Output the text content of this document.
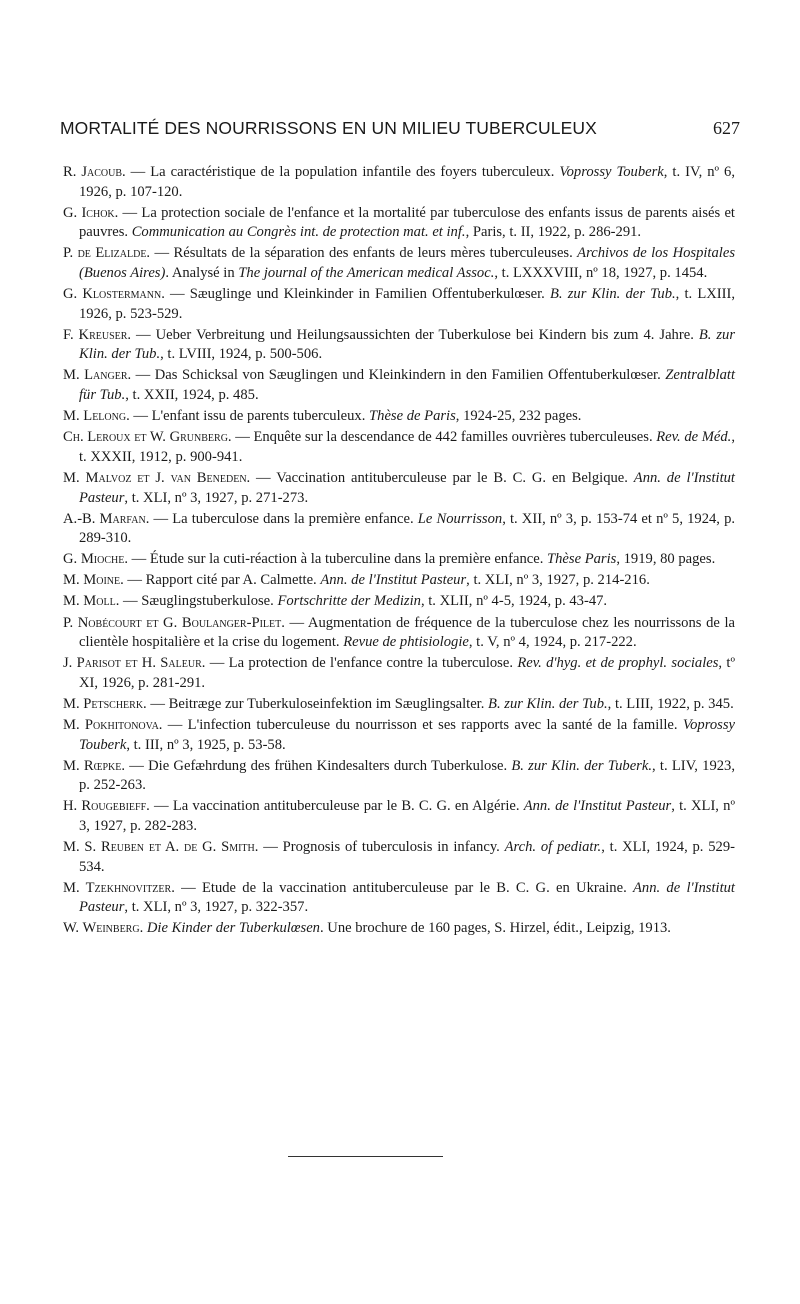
MORTALITÉ DES NOURRISSONS EN UN MILIEU TUBERCULEUX	627

R. Jacoub. — La caractéristique de la population infantile des foyers tuberculeux. Voprossy Touberk, t. IV, nº 6, 1926, p. 107-120.

G. Ichok. — La protection sociale de l'enfance et la mortalité par tuberculose des enfants issus de parents aisés et pauvres. Communication au Congrès int. de protection mat. et inf., Paris, t. II, 1922, p. 286-291.

P. de Elizalde. — Résultats de la séparation des enfants de leurs mères tuberculeuses. Archivos de los Hospitales (Buenos Aires). Analysé in The journal of the American medical Assoc., t. LXXXVIII, nº 18, 1927, p. 1454.

G. Klostermann. — Sæuglinge und Kleinkinder in Familien Offentuberkulœser. B. zur Klin. der Tub., t. LXIII, 1926, p. 523-529.

F. Kreuser. — Ueber Verbreitung und Heilungsaussichten der Tuberkulose bei Kindern bis zum 4. Jahre. B. zur Klin. der Tub., t. LVIII, 1924, p. 500-506.

M. Langer. — Das Schicksal von Sæuglingen und Kleinkindern in den Familien Offentuberkulœser. Zentralblatt für Tub., t. XXII, 1924, p. 485.

M. Lelong. — L'enfant issu de parents tuberculeux. Thèse de Paris, 1924-25, 232 pages.

Ch. Leroux et W. Grunberg. — Enquête sur la descendance de 442 familles ouvrières tuberculeuses. Rev. de Méd., t. XXXII, 1912, p. 900-941.

M. Malvoz et J. van Beneden. — Vaccination antituberculeuse par le B. C. G. en Belgique. Ann. de l'Institut Pasteur, t. XLI, nº 3, 1927, p. 271-273.

A.-B. Marfan. — La tuberculose dans la première enfance. Le Nourrisson, t. XII, nº 3, p. 153-74 et nº 5, 1924, p. 289-310.

G. Mioche. — Étude sur la cuti-réaction à la tuberculine dans la première enfance. Thèse Paris, 1919, 80 pages.

M. Moine. — Rapport cité par A. Calmette. Ann. de l'Institut Pasteur, t. XLI, nº 3, 1927, p. 214-216.

M. Moll. — Sæuglingstuberkulose. Fortschritte der Medizin, t. XLII, nº 4-5, 1924, p. 43-47.

P. Nobécourt et G. Boulanger-Pilet. — Augmentation de fréquence de la tuberculose chez les nourrissons de la clientèle hospitalière et la crise du logement. Revue de phtisiologie, t. V, nº 4, 1924, p. 217-222.

J. Parisot et H. Saleur. — La protection de l'enfance contre la tuberculose. Rev. d'hyg. et de prophyl. sociales, tº XI, 1926, p. 281-291.

M. Petscherk. — Beitræge zur Tuberkuloseinfektion im Sæuglingsalter. B. zur Klin. der Tub., t. LIII, 1922, p. 345.

M. Pokhitonova. — L'infection tuberculeuse du nourrisson et ses rapports avec la santé de la famille. Voprossy Touberk, t. III, nº 3, 1925, p. 53-58.

M. Rœpke. — Die Gefæhrdung des frühen Kindesalters durch Tuberkulose. B. zur Klin. der Tuberk., t. LIV, 1923, p. 252-263.

H. Rougebieff. — La vaccination antituberculeuse par le B. C. G. en Algérie. Ann. de l'Institut Pasteur, t. XLI, nº 3, 1927, p. 282-283.

M. S. Reuben et A. de G. Smith. — Prognosis of tuberculosis in infancy. Arch. of pediatr., t. XLI, 1924, p. 529-534.

M. Tzekhnovitzer. — Etude de la vaccination antituberculeuse par le B. C. G. en Ukraine. Ann. de l'Institut Pasteur, t. XLI, nº 3, 1927, p. 322-357.

W. Weinberg. Die Kinder der Tuberkulœsen. Une brochure de 160 pages, S. Hirzel, édit., Leipzig, 1913.
